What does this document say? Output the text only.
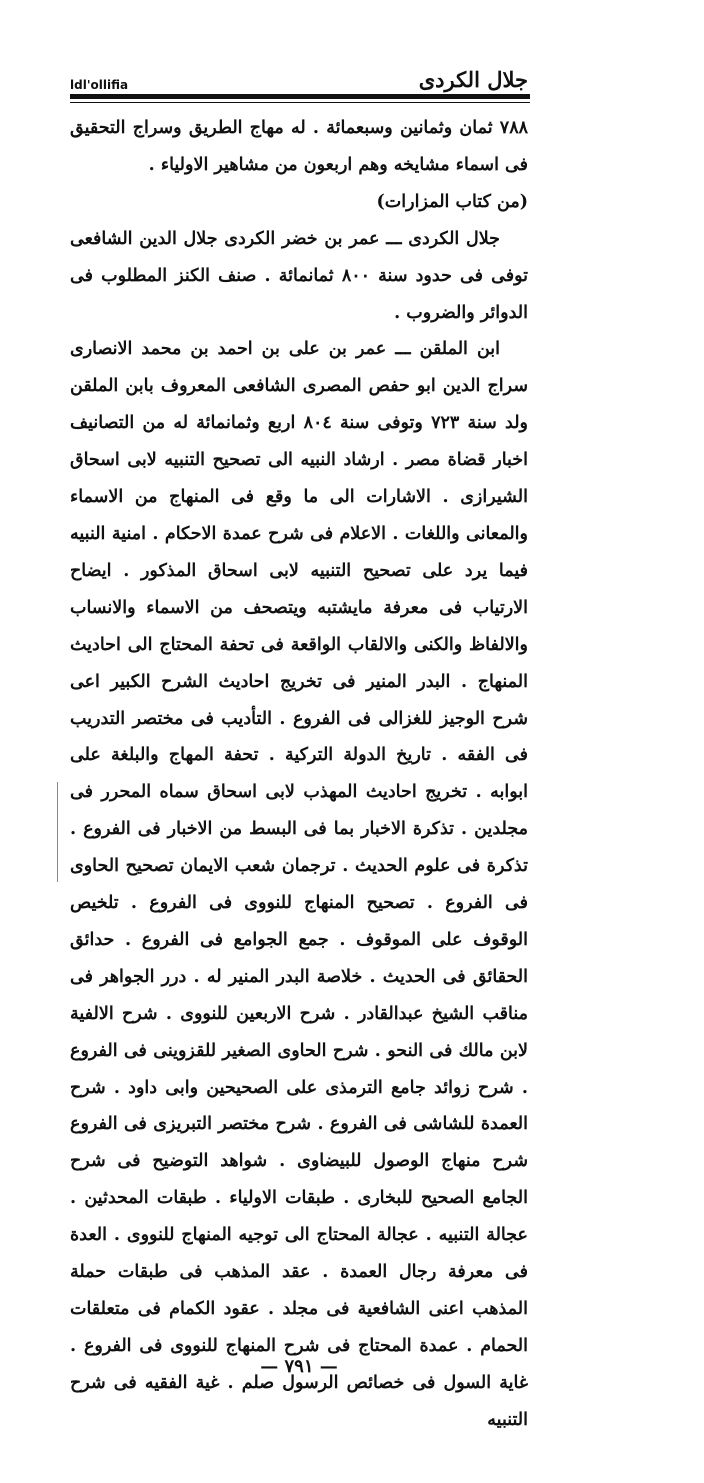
ldl'ollifia	جلال الكردى

٧٨٨ ثمان وثمانين وسبعمائة . له مهاج الطريق وسراج التحقيق فى اسماء مشايخه وهم اربعون من مشاهير الاولياء .

(من كتاب المزارات)

جلال الكردى ـــ عمر بن خضر الكردى جلال الدين الشافعى توفى فى حدود سنة ٨٠٠ ثمانمائة . صنف الكنز المطلوب فى الدوائر والضروب .

ابن الملقن ـــ عمر بن على بن احمد بن محمد الانصارى سراج الدين ابو حفص المصرى الشافعى المعروف بابن الملقن ولد سنة ٧٢٣ وتوفى سنة ٨٠٤ اربع وثمانمائة له من التصانيف اخبار قضاة مصر . ارشاد النبيه الى تصحيح التنبيه لابى اسحاق الشيرازى . الاشارات الى ما وقع فى المنهاج من الاسماء والمعانى واللغات . الاعلام فى شرح عمدة الاحكام . امنية النبيه فيما يرد على تصحيح التنبيه لابى اسحاق المذكور . ايضاح الارتياب فى معرفة مايشتبه ويتصحف من الاسماء والانساب والالفاظ والكنى والالقاب الواقعة فى تحفة المحتاج الى احاديث المنهاج . البدر المنير فى تخريج احاديث الشرح الكبير اعى شرح الوجيز للغزالى فى الفروع . التأديب فى مختصر التدريب فى الفقه . تاريخ الدولة التركية . تحفة المهاج والبلغة على ابوابه . تخريج احاديث المهذب لابى اسحاق سماه المحرر فى مجلدين . تذكرة الاخبار بما فى البسط من الاخبار فى الفروع . تذكرة فى علوم الحديث . ترجمان شعب الايمان تصحيح الحاوى فى الفروع . تصحيح المنهاج للنووى فى الفروع . تلخيص الوقوف على الموقوف . جمع الجوامع فى الفروع . حدائق الحقائق فى الحديث . خلاصة البدر المنير له . درر الجواهر فى مناقب الشيخ عبدالقادر . شرح الاربعين للنووى . شرح الالفية لابن مالك فى النحو . شرح الحاوى الصغير للقزوينى فى الفروع . شرح زوائد جامع الترمذى على الصحيحين وابى داود . شرح العمدة للشاشى فى الفروع . شرح مختصر التبريزى فى الفروع شرح منهاج الوصول للبيضاوى . شواهد التوضيح فى شرح الجامع الصحيح للبخارى . طبقات الاولياء . طبقات المحدثين . عجالة التنبيه . عجالة المحتاج الى توجيه المنهاج للنووى . العدة فى معرفة رجال العمدة . عقد المذهب فى طبقات حملة المذهب اعنى الشافعية فى مجلد . عقود الكمام فى متعلقات الحمام . عمدة المحتاج فى شرح المنهاج للنووى فى الفروع . غاية السول فى خصائص الرسول صلم . غية الفقيه فى شرح التنبيه

— ٧٩١ —
